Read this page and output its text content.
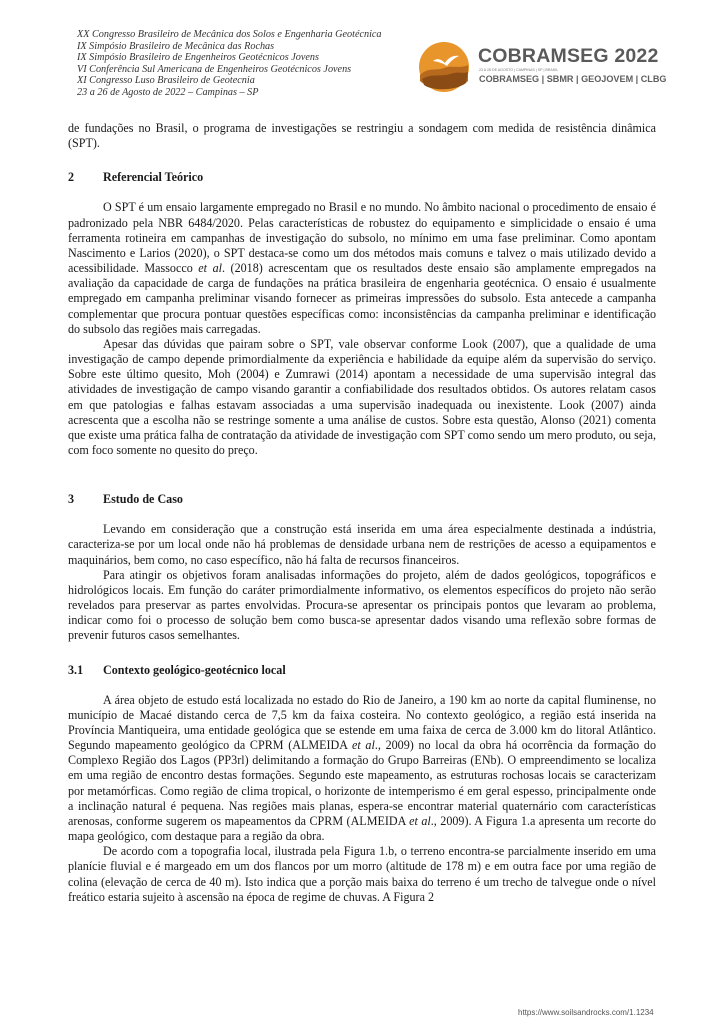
XX Congresso Brasileiro de Mecânica dos Solos e Engenharia Geotécnica
IX Simpósio Brasileiro de Mecânica das Rochas
IX Simpósio Brasileiro de Engenheiros Geotécnicos Jovens
VI Conferência Sul Americana de Engenheiros Geotécnicos Jovens
XI Congresso Luso Brasileiro de Geotecnia
23 a 26 de Agosto de 2022 – Campinas – SP
COBRAMSEG 2022
23 A 26 DE AGOSTO | CAMPINAS | SP | BRASIL
COBRAMSEG | SBMR | GEOJOVEM | CLBG

de fundações no Brasil, o programa de investigações se restringiu a sondagem com medida de resistência dinâmica (SPT).

2	Referencial Teórico

O SPT é um ensaio largamente empregado no Brasil e no mundo. No âmbito nacional o procedimento de ensaio é padronizado pela NBR 6484/2020. Pelas características de robustez do equipamento e simplicidade o ensaio é uma ferramenta rotineira em campanhas de investigação do subsolo, no mínimo em uma fase preliminar. Como apontam Nascimento e Larios (2020), o SPT destaca-se como um dos métodos mais comuns e talvez o mais utilizado devido a acessibilidade. Massocco et al. (2018) acrescentam que os resultados deste ensaio são amplamente empregados na avaliação da capacidade de carga de fundações na prática brasileira de engenharia geotécnica. O ensaio é usualmente empregado em campanha preliminar visando fornecer as primeiras impressões do subsolo. Esta antecede a campanha complementar que procura pontuar questões específicas como: inconsistências da campanha preliminar e identificação do subsolo das regiões mais carregadas.

Apesar das dúvidas que pairam sobre o SPT, vale observar conforme Look (2007), que a qualidade de uma investigação de campo depende primordialmente da experiência e habilidade da equipe além da supervisão do serviço. Sobre este último quesito, Moh (2004) e Zumrawi (2014) apontam a necessidade de uma supervisão integral das atividades de investigação de campo visando garantir a confiabilidade dos resultados obtidos. Os autores relatam casos em que patologias e falhas estavam associadas a uma supervisão inadequada ou inexistente. Look (2007) ainda acrescenta que a escolha não se restringe somente a uma análise de custos. Sobre esta questão, Alonso (2021) comenta que existe uma prática falha de contratação da atividade de investigação com SPT como sendo um mero produto, ou seja, com foco somente no quesito do preço.

3	Estudo de Caso

Levando em consideração que a construção está inserida em uma área especialmente destinada a indústria, caracteriza-se por um local onde não há problemas de densidade urbana nem de restrições de acesso a equipamentos e maquinários, bem como, no caso específico, não há falta de recursos financeiros.

Para atingir os objetivos foram analisadas informações do projeto, além de dados geológicos, topográficos e hidrológicos locais. Em função do caráter primordialmente informativo, os elementos específicos do projeto não serão revelados para preservar as partes envolvidas. Procura-se apresentar os principais pontos que levaram ao problema, indicar como foi o processo de solução bem como busca-se apresentar dados visando uma reflexão sobre formas de prevenir futuros casos semelhantes.

3.1	Contexto geológico-geotécnico local

A área objeto de estudo está localizada no estado do Rio de Janeiro, a 190 km ao norte da capital fluminense, no município de Macaé distando cerca de 7,5 km da faixa costeira. No contexto geológico, a região está inserida na Província Mantiqueira, uma entidade geológica que se estende em uma faixa de cerca de 3.000 km do litoral Atlântico. Segundo mapeamento geológico da CPRM (ALMEIDA et al., 2009) no local da obra há ocorrência da formação do Complexo Região dos Lagos (PP3rl) delimitando a formação do Grupo Barreiras (ENb). O empreendimento se localiza em uma região de encontro destas formações. Segundo este mapeamento, as estruturas rochosas locais se caracterizam por metamórficas. Como região de clima tropical, o horizonte de intemperismo é em geral espesso, principalmente onde a inclinação natural é pequena. Nas regiões mais planas, espera-se encontrar material quaternário com características arenosas, conforme sugerem os mapeamentos da CPRM (ALMEIDA et al., 2009). A Figura 1.a apresenta um recorte do mapa geológico, com destaque para a região da obra.

De acordo com a topografia local, ilustrada pela Figura 1.b, o terreno encontra-se parcialmente inserido em uma planície fluvial e é margeado em um dos flancos por um morro (altitude de 178 m) e em outra face por uma região de colina (elevação de cerca de 40 m). Isto indica que a porção mais baixa do terreno é um trecho de talvegue onde o nível freático estaria sujeito à ascensão na época de regime de chuvas. A Figura 2

https://www.soilsandrocks.com/1.1234
